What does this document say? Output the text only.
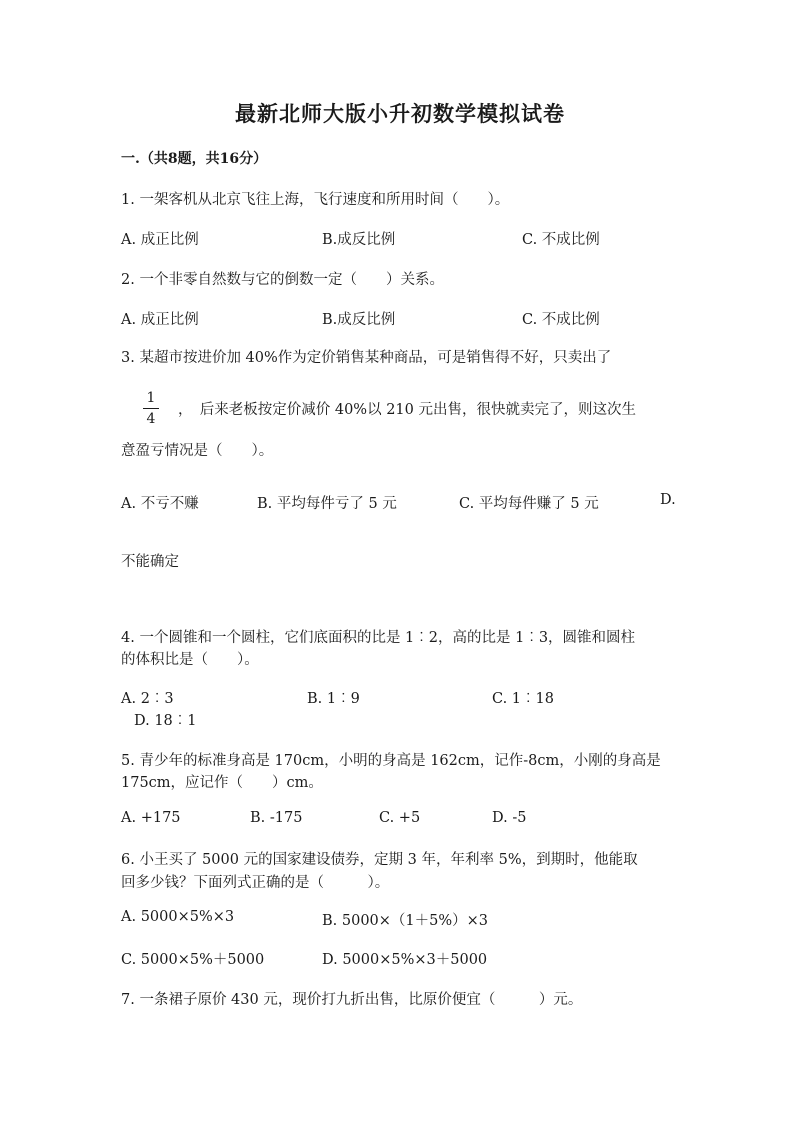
最新北师大版小升初数学模拟试卷
一.（共8题，共16分）
1. 一架客机从北京飞往上海，飞行速度和所用时间（　　）。
A. 成正比例	B.成反比例	C. 不成比例
2. 一个非零自然数与它的倒数一定（　　）关系。
A. 成正比例	B.成反比例	C. 不成比例
3. 某超市按进价加 40%作为定价销售某种商品，可是销售得不好，只卖出了
1
4
，　后来老板按定价减价 40%以 210 元出售，很快就卖完了，则这次生
意盈亏情况是（　　）。
A. 不亏不赚	B. 平均每件亏了 5 元	C. 平均每件赚了 5 元	D.
不能确定
4. 一个圆锥和一个圆柱，它们底面积的比是 1︰2，高的比是 1︰3，圆锥和圆柱
的体积比是（　　）。
A. 2︰3	B. 1︰9	C. 1︰18
D. 18︰1
5. 青少年的标准身高是 170cm，小明的身高是 162cm，记作-8cm，小刚的身高是
175cm，应记作（　　）cm。
A. +175	B. -175	C. +5	D. -5
6. 小王买了 5000 元的国家建设债券，定期 3 年，年利率 5%，到期时，他能取
回多少钱？下面列式正确的是（　　　）。
A. 5000×5%×3	B. 5000×（1＋5%）×3
C. 5000×5%＋5000	D. 5000×5%×3＋5000
7. 一条裙子原价 430 元，现价打九折出售，比原价便宜（　　　）元。
